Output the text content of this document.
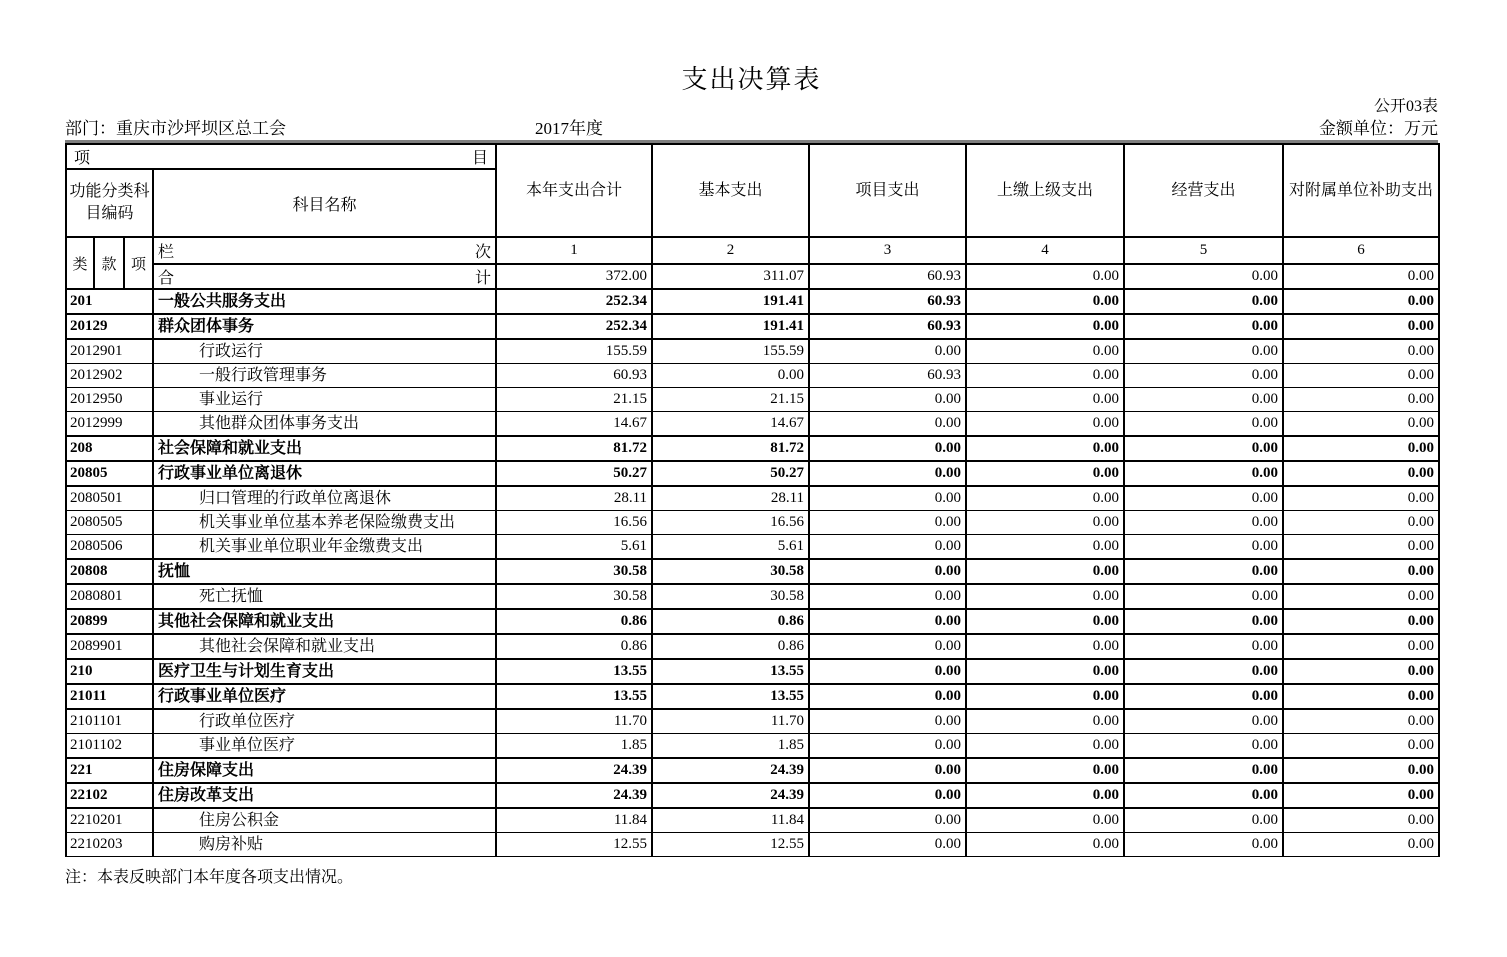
支出决算表
公开03表
部门：重庆市沙坪坝区总工会	2017年度	金额单位：万元
项 目				本年支出合计	基本支出	项目支出	上缴上级支出	经营支出	对附属单位补助支出
功能分类科目编码			科目名称						
类	款	项	栏 次	1	2	3	4	5	6

			合 计	372.00	311.07	60.93	0.00	0.00	0.00
201			一般公共服务支出	252.34	191.41	60.93	0.00	0.00	0.00
20129			群众团体事务	252.34	191.41	60.93	0.00	0.00	0.00
2012901			行政运行	155.59	155.59	0.00	0.00	0.00	0.00
2012902			一般行政管理事务	60.93	0.00	60.93	0.00	0.00	0.00
2012950			事业运行	21.15	21.15	0.00	0.00	0.00	0.00
2012999			其他群众团体事务支出	14.67	14.67	0.00	0.00	0.00	0.00
208			社会保障和就业支出	81.72	81.72	0.00	0.00	0.00	0.00
20805			行政事业单位离退休	50.27	50.27	0.00	0.00	0.00	0.00
2080501			归口管理的行政单位离退休	28.11	28.11	0.00	0.00	0.00	0.00
2080505			机关事业单位基本养老保险缴费支出	16.56	16.56	0.00	0.00	0.00	0.00
2080506			机关事业单位职业年金缴费支出	5.61	5.61	0.00	0.00	0.00	0.00
20808			抚恤	30.58	30.58	0.00	0.00	0.00	0.00
2080801			死亡抚恤	30.58	30.58	0.00	0.00	0.00	0.00
20899			其他社会保障和就业支出	0.86	0.86	0.00	0.00	0.00	0.00
2089901			其他社会保障和就业支出	0.86	0.86	0.00	0.00	0.00	0.00
210			医疗卫生与计划生育支出	13.55	13.55	0.00	0.00	0.00	0.00
21011			行政事业单位医疗	13.55	13.55	0.00	0.00	0.00	0.00
2101101			行政单位医疗	11.70	11.70	0.00	0.00	0.00	0.00
2101102			事业单位医疗	1.85	1.85	0.00	0.00	0.00	0.00
221			住房保障支出	24.39	24.39	0.00	0.00	0.00	0.00
22102			住房改革支出	24.39	24.39	0.00	0.00	0.00	0.00
2210201			住房公积金	11.84	11.84	0.00	0.00	0.00	0.00
2210203			购房补贴	12.55	12.55	0.00	0.00	0.00	0.00
注：本表反映部门本年度各项支出情况。
